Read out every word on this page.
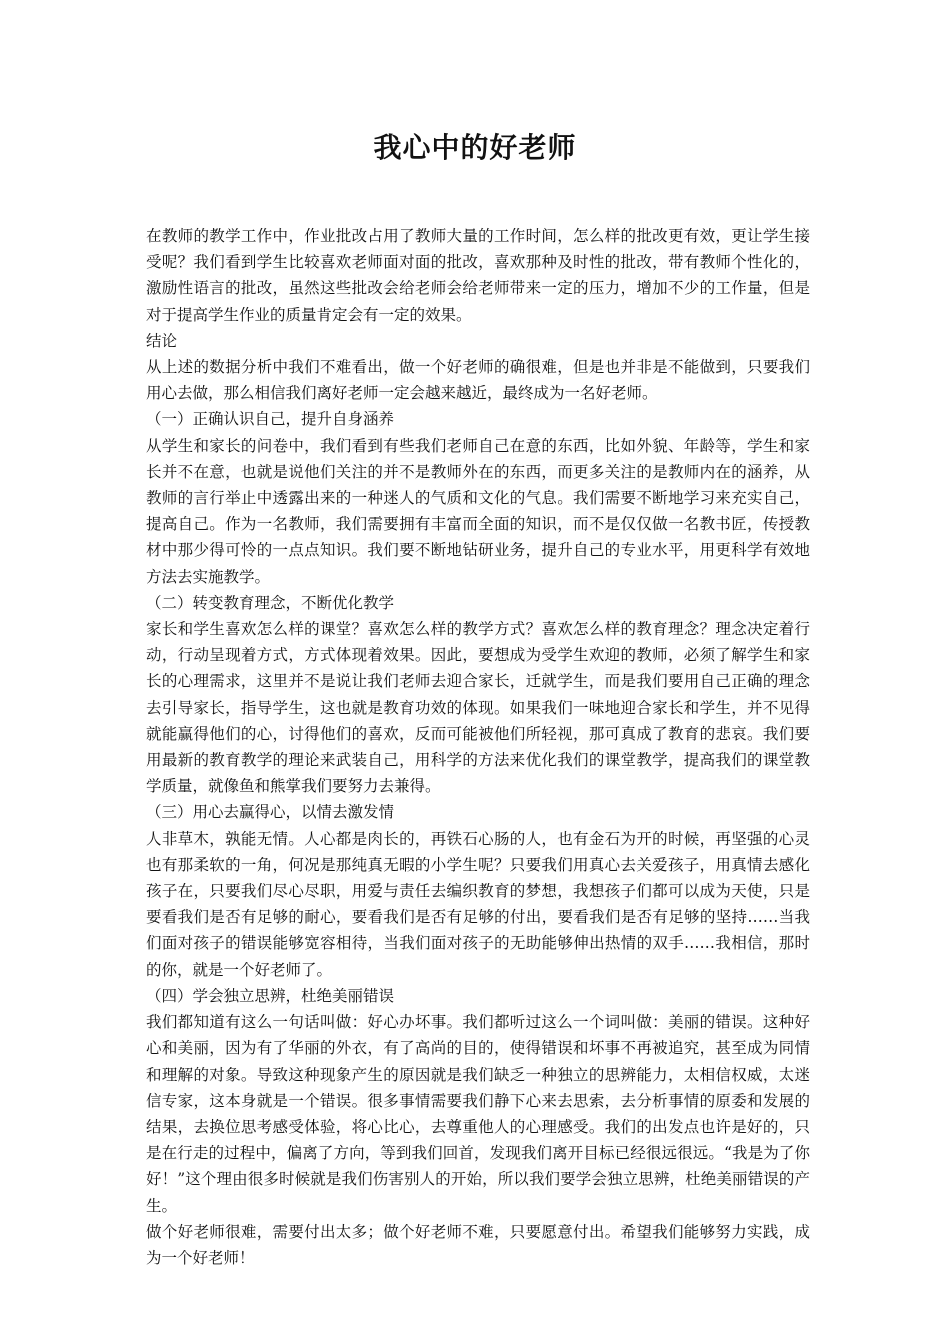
我心中的好老师

在教师的教学工作中，作业批改占用了教师大量的工作时间，怎么样的批改更有效，更让学生接受呢？我们看到学生比较喜欢老师面对面的批改，喜欢那种及时性的批改，带有教师个性化的，激励性语言的批改，虽然这些批改会给老师会给老师带来一定的压力，增加不少的工作量，但是对于提高学生作业的质量肯定会有一定的效果。

结论

从上述的数据分析中我们不难看出，做一个好老师的确很难，但是也并非是不能做到，只要我们用心去做，那么相信我们离好老师一定会越来越近，最终成为一名好老师。

（一）正确认识自己，提升自身涵养

从学生和家长的问卷中，我们看到有些我们老师自己在意的东西，比如外貌、年龄等，学生和家长并不在意，也就是说他们关注的并不是教师外在的东西，而更多关注的是教师内在的涵养，从教师的言行举止中透露出来的一种迷人的气质和文化的气息。我们需要不断地学习来充实自己，提高自己。作为一名教师，我们需要拥有丰富而全面的知识，而不是仅仅做一名教书匠，传授教材中那少得可怜的一点点知识。我们要不断地钻研业务，提升自己的专业水平，用更科学有效地方法去实施教学。

（二）转变教育理念，不断优化教学

家长和学生喜欢怎么样的课堂？喜欢怎么样的教学方式？喜欢怎么样的教育理念？理念决定着行动，行动呈现着方式，方式体现着效果。因此，要想成为受学生欢迎的教师，必须了解学生和家长的心理需求，这里并不是说让我们老师去迎合家长，迁就学生，而是我们要用自己正确的理念去引导家长，指导学生，这也就是教育功效的体现。如果我们一味地迎合家长和学生，并不见得就能赢得他们的心，讨得他们的喜欢，反而可能被他们所轻视，那可真成了教育的悲哀。我们要用最新的教育教学的理论来武装自己，用科学的方法来优化我们的课堂教学，提高我们的课堂教学质量，就像鱼和熊掌我们要努力去兼得。

（三）用心去赢得心，以情去激发情

人非草木，孰能无情。人心都是肉长的，再铁石心肠的人，也有金石为开的时候，再坚强的心灵也有那柔软的一角，何况是那纯真无暇的小学生呢？只要我们用真心去关爱孩子，用真情去感化孩子在，只要我们尽心尽职，用爱与责任去编织教育的梦想，我想孩子们都可以成为天使，只是要看我们是否有足够的耐心，要看我们是否有足够的付出，要看我们是否有足够的坚持……当我们面对孩子的错误能够宽容相待，当我们面对孩子的无助能够伸出热情的双手……我相信，那时的你，就是一个好老师了。

（四）学会独立思辨，杜绝美丽错误

我们都知道有这么一句话叫做：好心办坏事。我们都听过这么一个词叫做：美丽的错误。这种好心和美丽，因为有了华丽的外衣，有了高尚的目的，使得错误和坏事不再被追究，甚至成为同情和理解的对象。导致这种现象产生的原因就是我们缺乏一种独立的思辨能力，太相信权威，太迷信专家，这本身就是一个错误。很多事情需要我们静下心来去思索，去分析事情的原委和发展的结果，去换位思考感受体验，将心比心，去尊重他人的心理感受。我们的出发点也许是好的，只是在行走的过程中，偏离了方向，等到我们回首，发现我们离开目标已经很远很远。“我是为了你好！”这个理由很多时候就是我们伤害别人的开始，所以我们要学会独立思辨，杜绝美丽错误的产生。

做个好老师很难，需要付出太多；做个好老师不难，只要愿意付出。希望我们能够努力实践，成为一个好老师！
